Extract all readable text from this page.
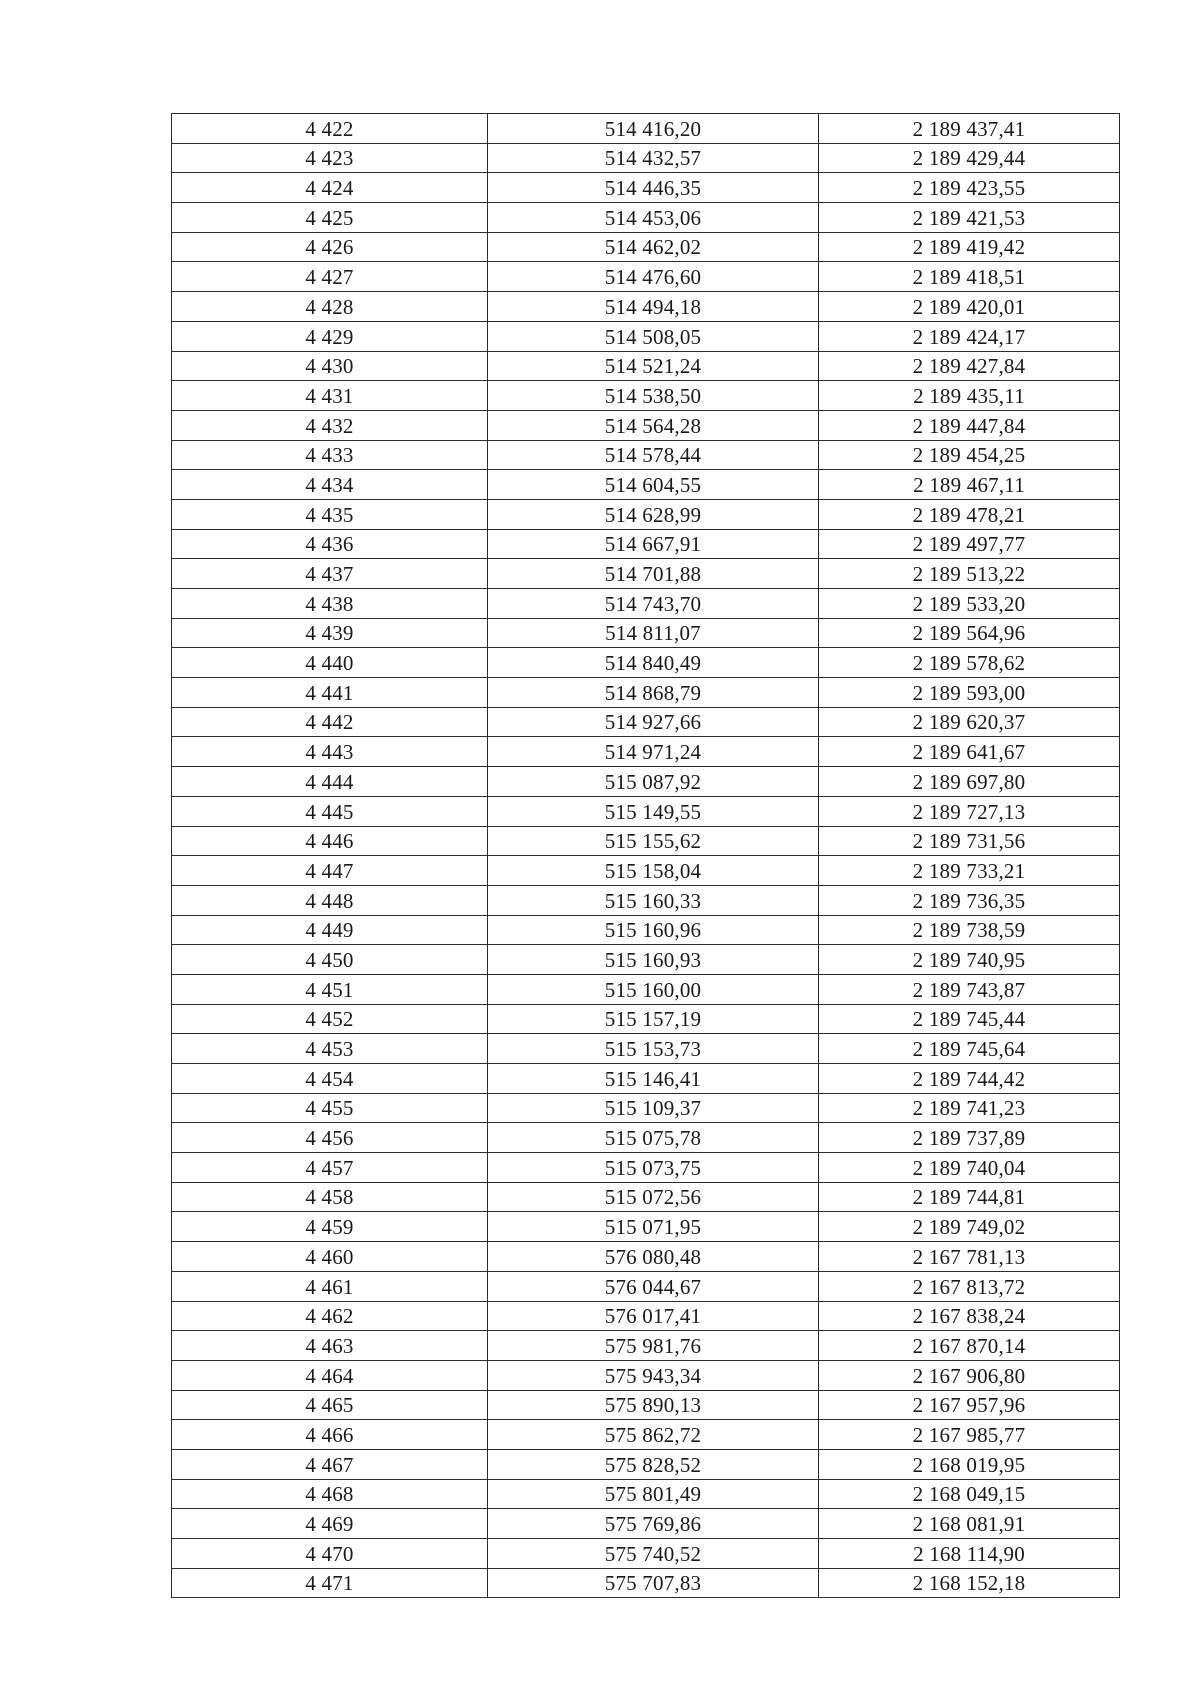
4 422	514 416,20	2 189 437,41
4 423	514 432,57	2 189 429,44
4 424	514 446,35	2 189 423,55
4 425	514 453,06	2 189 421,53
4 426	514 462,02	2 189 419,42
4 427	514 476,60	2 189 418,51
4 428	514 494,18	2 189 420,01
4 429	514 508,05	2 189 424,17
4 430	514 521,24	2 189 427,84
4 431	514 538,50	2 189 435,11
4 432	514 564,28	2 189 447,84
4 433	514 578,44	2 189 454,25
4 434	514 604,55	2 189 467,11
4 435	514 628,99	2 189 478,21
4 436	514 667,91	2 189 497,77
4 437	514 701,88	2 189 513,22
4 438	514 743,70	2 189 533,20
4 439	514 811,07	2 189 564,96
4 440	514 840,49	2 189 578,62
4 441	514 868,79	2 189 593,00
4 442	514 927,66	2 189 620,37
4 443	514 971,24	2 189 641,67
4 444	515 087,92	2 189 697,80
4 445	515 149,55	2 189 727,13
4 446	515 155,62	2 189 731,56
4 447	515 158,04	2 189 733,21
4 448	515 160,33	2 189 736,35
4 449	515 160,96	2 189 738,59
4 450	515 160,93	2 189 740,95
4 451	515 160,00	2 189 743,87
4 452	515 157,19	2 189 745,44
4 453	515 153,73	2 189 745,64
4 454	515 146,41	2 189 744,42
4 455	515 109,37	2 189 741,23
4 456	515 075,78	2 189 737,89
4 457	515 073,75	2 189 740,04
4 458	515 072,56	2 189 744,81
4 459	515 071,95	2 189 749,02
4 460	576 080,48	2 167 781,13
4 461	576 044,67	2 167 813,72
4 462	576 017,41	2 167 838,24
4 463	575 981,76	2 167 870,14
4 464	575 943,34	2 167 906,80
4 465	575 890,13	2 167 957,96
4 466	575 862,72	2 167 985,77
4 467	575 828,52	2 168 019,95
4 468	575 801,49	2 168 049,15
4 469	575 769,86	2 168 081,91
4 470	575 740,52	2 168 114,90
4 471	575 707,83	2 168 152,18
